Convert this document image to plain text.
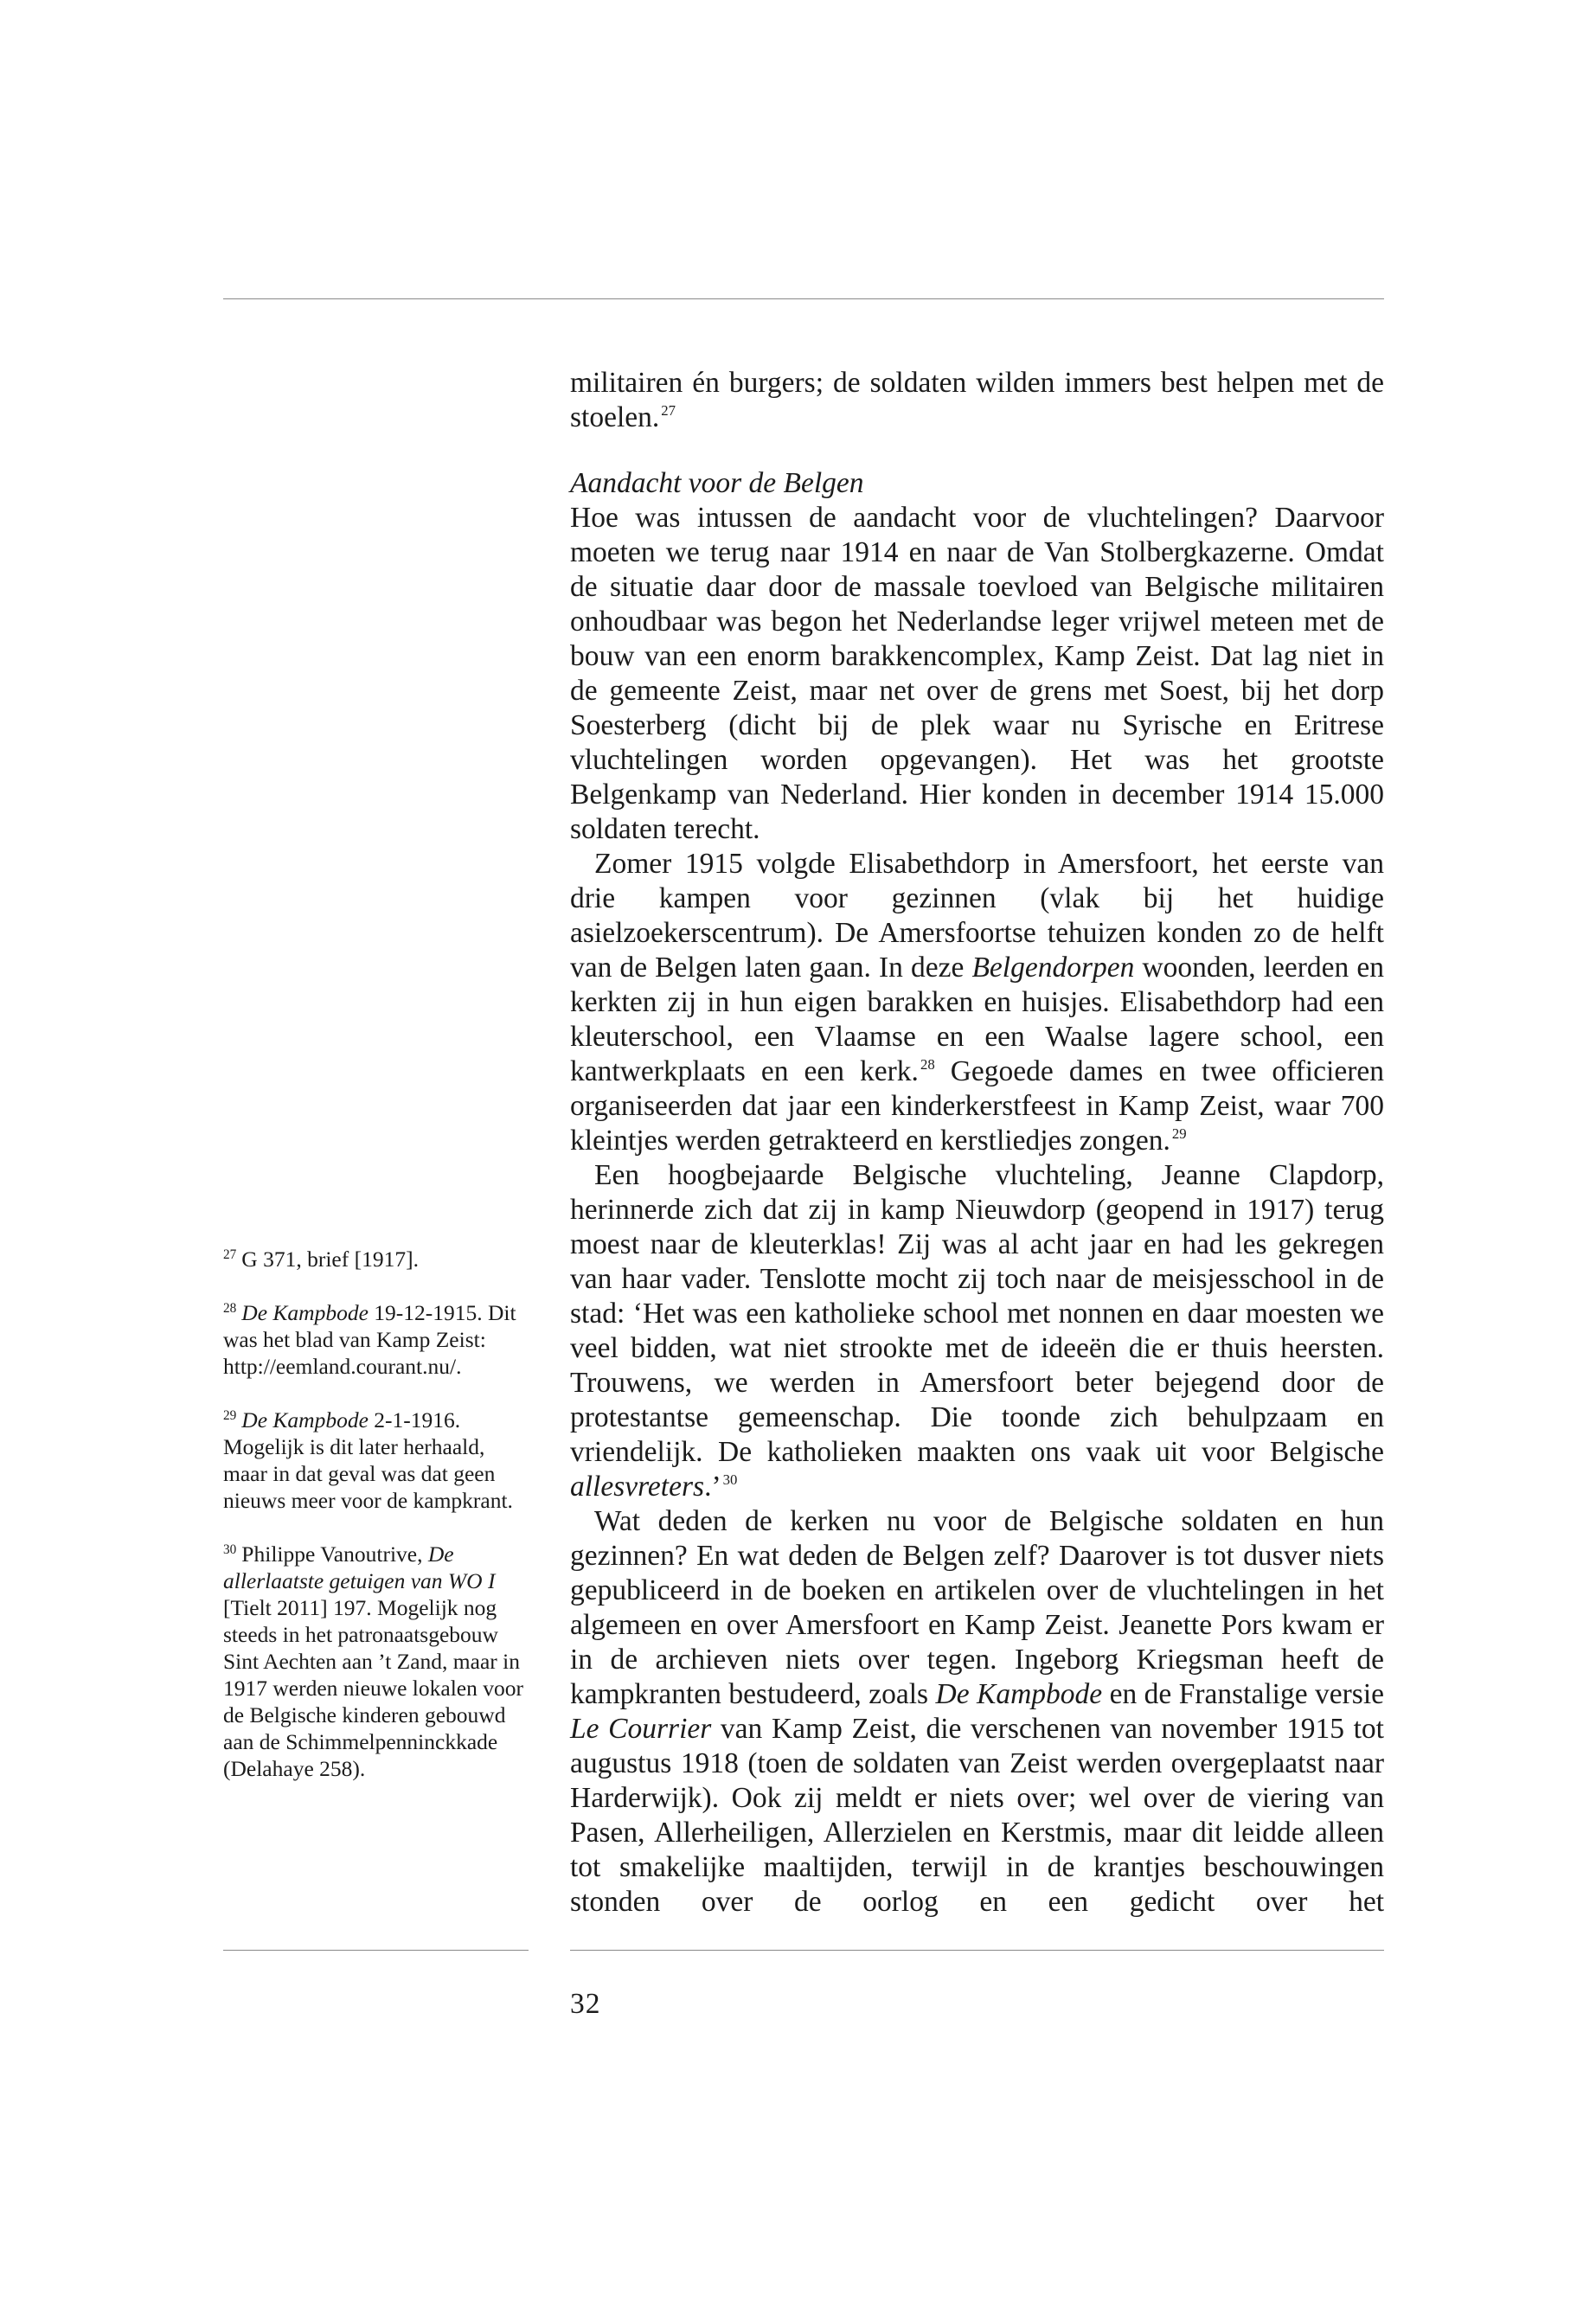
militairen én burgers; de soldaten wilden immers best helpen met de stoelen. $^{27}$

Aandacht voor de Belgen

Hoe was intussen de aandacht voor de vluchtelingen? Daarvoor moeten we terug naar 1914 en naar de Van Stolbergkazerne. Omdat de situatie daar door de massale toevloed van Belgische militairen onhoudbaar was begon het Nederlandse leger vrijwel meteen met de bouw van een enorm barakkencomplex, Kamp Zeist. Dat lag niet in de gemeente Zeist, maar net over de grens met Soest, bij het dorp Soesterberg (dicht bij de plek waar nu Syrische en Eritrese vluchtelingen worden opgevangen). Het was het grootste Belgenkamp van Nederland. Hier konden in december 1914 15.000 soldaten terecht.

Zomer 1915 volgde Elisabethdorp in Amersfoort, het eerste van drie kampen voor gezinnen (vlak bij het huidige asielzoekerscentrum). De Amersfoortse tehuizen konden zo de helft van de Belgen laten gaan. In deze Belgendorpen woonden, leerden en kerkten zij in hun eigen barakken en huisjes. Elisabethdorp had een kleuterschool, een Vlaamse en een Waalse lagere school, een kantwerkplaats en een kerk. $^{28}$ Gegoede dames en twee officieren organiseerden dat jaar een kinderkerstfeest in Kamp Zeist, waar 700 kleintjes werden getrakteerd en kerstliedjes zongen. $^{29}$

Een hoogbejaarde Belgische vluchteling, Jeanne Clapdorp, herinnerde zich dat zij in kamp Nieuwdorp (geopend in 1917) terug moest naar de kleuterklas! Zij was al acht jaar en had les gekregen van haar vader. Tenslotte mocht zij toch naar de meisjesschool in de stad: ‘Het was een katholieke school met nonnen en daar moesten we veel bidden, wat niet strookte met de ideeën die er thuis heersten. Trouwens, we werden in Amersfoort beter bejegend door de protestantse gemeenschap. Die toonde zich behulpzaam en vriendelijk. De katholieken maakten ons vaak uit voor Belgische allesvreters.’ $^{30}$

Wat deden de kerken nu voor de Belgische soldaten en hun gezinnen? En wat deden de Belgen zelf? Daarover is tot dusver niets gepubliceerd in de boeken en artikelen over de vluchtelingen in het algemeen en over Amersfoort en Kamp Zeist. Jeanette Pors kwam er in de archieven niets over tegen. Ingeborg Kriegsman heeft de kampkranten bestudeerd, zoals De Kampbode en de Franstalige versie Le Courrier van Kamp Zeist, die verschenen van november 1915 tot augustus 1918 (toen de soldaten van Zeist werden overgeplaatst naar Harderwijk). Ook zij meldt er niets over; wel over de viering van Pasen, Allerheiligen, Allerzielen en Kerstmis, maar dit leidde alleen tot smakelijke maaltijden, terwijl in de krantjes beschouwingen stonden over de oorlog en een gedicht over het

$^{27}$ G 371, brief [1917].

$^{28}$ De Kampbode 19-12-1915. Dit was het blad van Kamp Zeist: http://eemland.courant.nu/.

$^{29}$ De Kampbode 2-1-1916. Mogelijk is dit later herhaald, maar in dat geval was dat geen nieuws meer voor de kampkrant.

$^{30}$ Philippe Vanoutrive, De allerlaatste getuigen van WO I [Tielt 2011] 197. Mogelijk nog steeds in het patronaatsgebouw Sint Aechten aan ’t Zand, maar in 1917 werden nieuwe lokalen voor de Belgische kinderen gebouwd aan de Schimmelpenninckkade (Delahaye 258).

32
